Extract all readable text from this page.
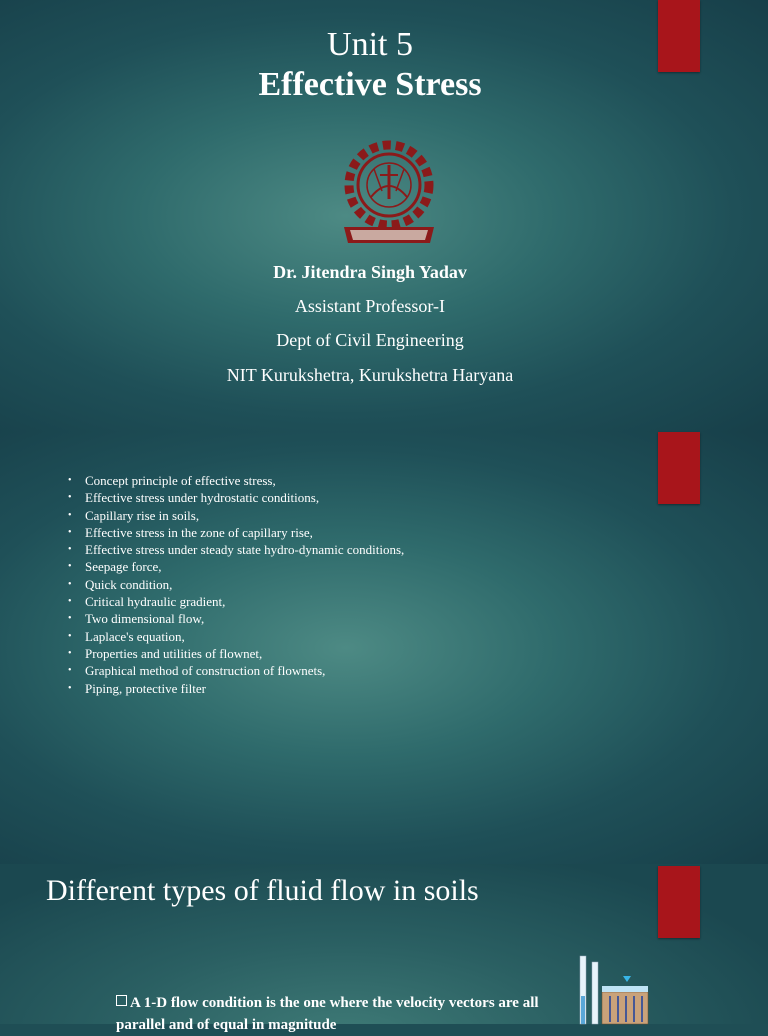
Unit 5
Effective Stress
Dr. Jitendra Singh Yadav
Assistant Professor-I
Dept of Civil Engineering
NIT Kurukshetra, Kurukshetra Haryana
• Concept principle of effective stress,
• Effective stress under hydrostatic conditions,
• Capillary rise in soils,
• Effective stress in the zone of capillary rise,
• Effective stress under steady state hydro-dynamic conditions,
• Seepage force,
• Quick condition,
• Critical hydraulic gradient,
• Two dimensional flow,
• Laplace's equation,
• Properties and utilities of flownet,
• Graphical method of construction of flownets,
• Piping, protective filter
Different types of fluid flow in soils
A 1-D flow condition is the one where the velocity vectors are all parallel and of equal in magnitude
